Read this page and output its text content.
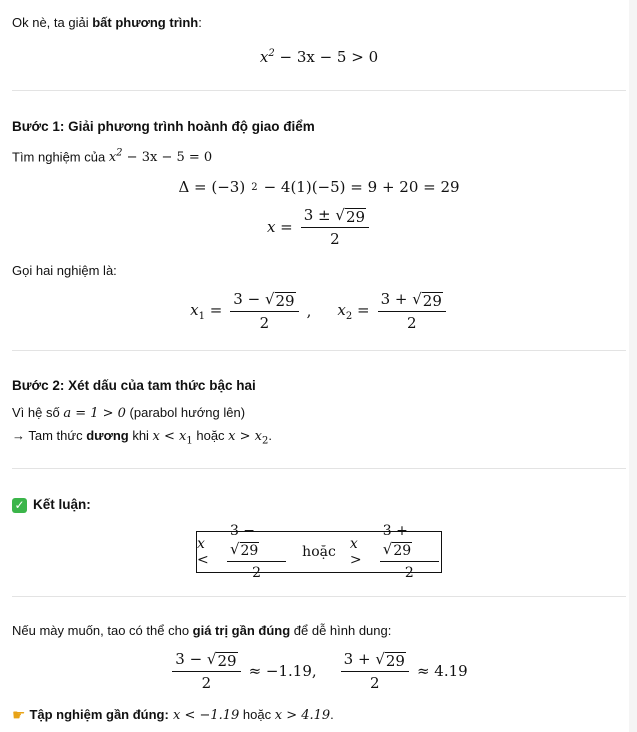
Ok nè, ta giải bất phương trình:
$x^2 - 3x - 5 > 0$
Bước 1: Giải phương trình hoành độ giao điểm
Tìm nghiệm của $x^2 - 3x - 5 = 0$
Δ = (−3) 2 − 4(1)(−5) = 9 + 20 = 29
$x = \frac{3 \pm √ 29}{2}$
Gọi hai nghiệm là:
$x_1 = \frac{3 - √ 29}{2}$ , $x_2 = \frac{3 + √ 29}{2}$
Bước 2: Xét dấu của tam thức bậc hai
Vì hệ số a = 1 > 0 (parabol hướng lên)
→ Tam thức dương khi $x < x_1$ hoặc $x > x_2$.
✓ Kết luận:
x <	3 −
√ 29
2 hoặc x >	3 +
√ 29
2
Nếu mày muốn, tao có thể cho giá trị gần đúng để dễ hình dung:
$\frac{3 - √ 29}{2} \approx -1.19$, $\frac{3 + √ 29}{2} \approx 4.19$
☛ Tập nghiệm gần đúng: x < −1.19 hoặc x > 4.19.
